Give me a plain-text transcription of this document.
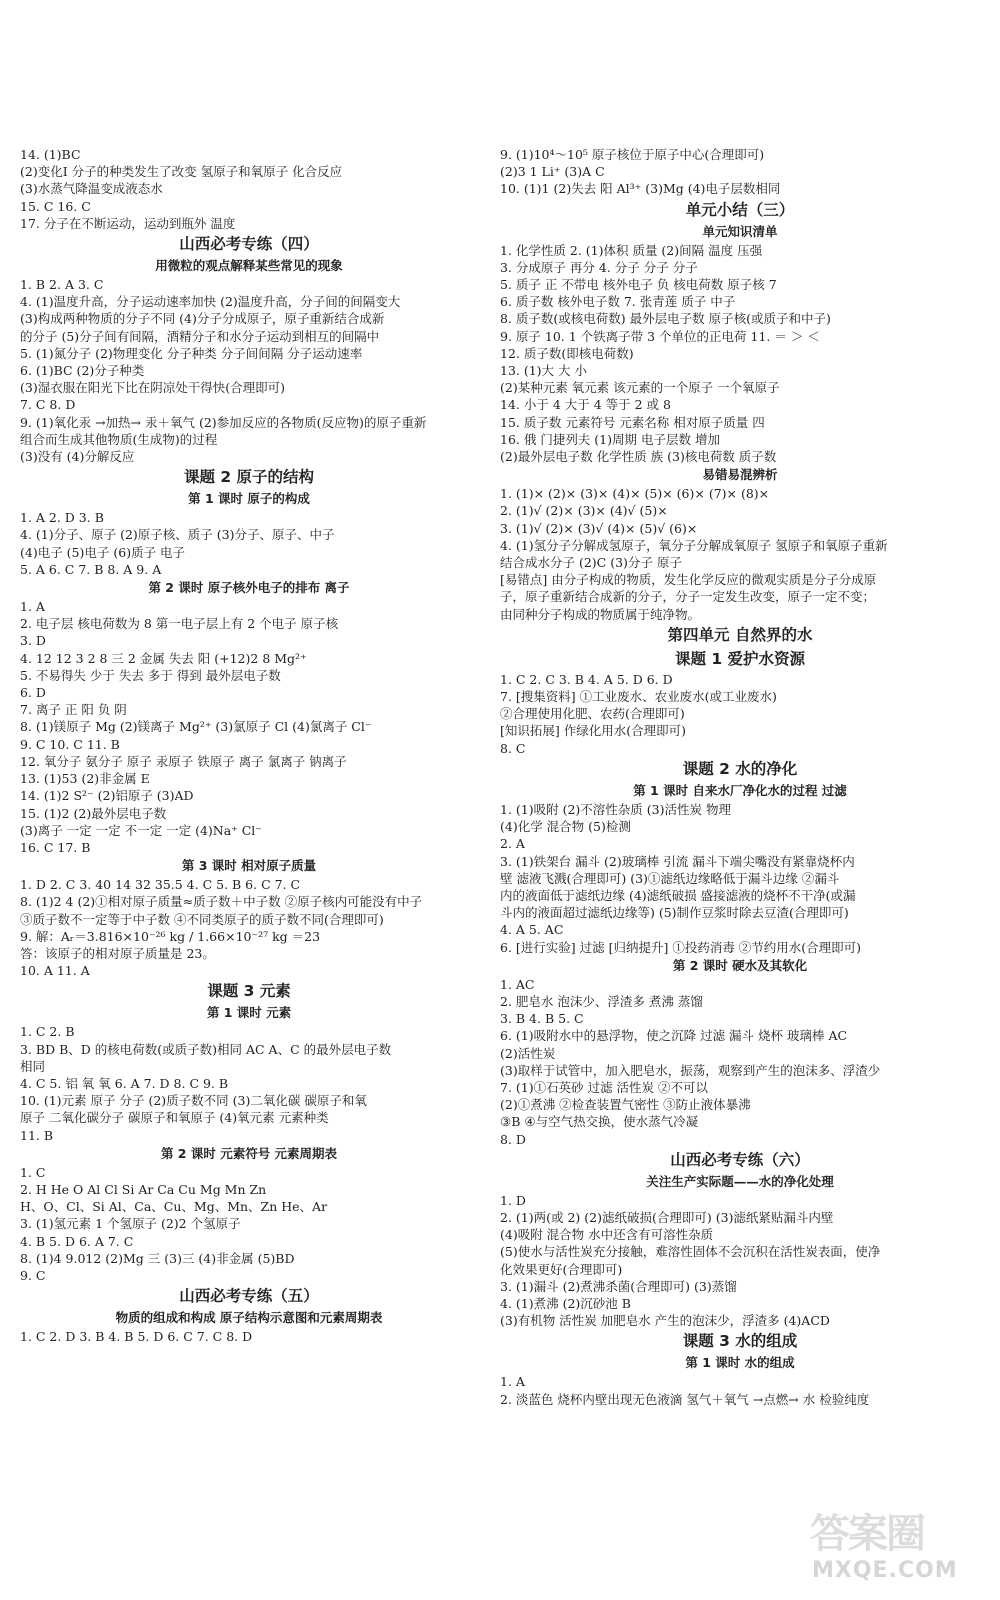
14. (1)BC
(2)变化Ⅰ 分子的种类发生了改变 氢原子和氧原子 化合反应
(3)水蒸气降温变成液态水
15. C 16. C
17. 分子在不断运动，运动到瓶外 温度
山西必考专练（四）
用微粒的观点解释某些常见的现象
1. B 2. A 3. C
4. (1)温度升高，分子运动速率加快 (2)温度升高，分子间的间隔变大
(3)构成两种物质的分子不同 (4)分子分成原子，原子重新结合成新
的分子 (5)分子间有间隔，酒精分子和水分子运动到相互的间隔中
5. (1)氮分子 (2)物理变化 分子种类 分子间间隔 分子运动速率
6. (1)BC (2)分子种类
(3)湿衣服在阳光下比在阴凉处干得快(合理即可)
7. C 8. D
9. (1)氧化汞 →加热→ 汞＋氧气 (2)参加反应的各物质(反应物)的原子重新
组合而生成其他物质(生成物)的过程
(3)没有 (4)分解反应
课题 2 原子的结构
第 1 课时 原子的构成
1. A 2. D 3. B
4. (1)分子、原子 (2)原子核、质子 (3)分子、原子、中子
(4)电子 (5)电子 (6)质子 电子
5. A 6. C 7. B 8. A 9. A
第 2 课时 原子核外电子的排布 离子
1. A
2. 电子层 核电荷数为 8 第一电子层上有 2 个电子 原子核
3. D
4. 12 12 3 2 8 三 2 金属 失去 阳 (+12)2 8 Mg²⁺
5. 不易得失 少于 失去 多于 得到 最外层电子数
6. D
7. 离子 正 阳 负 阴
8. (1)镁原子 Mg (2)镁离子 Mg²⁺ (3)氯原子 Cl (4)氯离子 Cl⁻
9. C 10. C 11. B
12. 氧分子 氨分子 原子 汞原子 铁原子 离子 氯离子 钠离子
13. (1)53 (2)非金属 E
14. (1)2 S²⁻ (2)铝原子 (3)AD
15. (1)2 (2)最外层电子数
(3)离子 一定 一定 不一定 一定 (4)Na⁺ Cl⁻
16. C 17. B
第 3 课时 相对原子质量
1. D 2. C 3. 40 14 32 35.5 4. C 5. B 6. C 7. C
8. (1)2 4 (2)①相对原子质量≈质子数＋中子数 ②原子核内可能没有中子
③质子数不一定等于中子数 ④不同类原子的质子数不同(合理即可)
9. 解：Aᵣ＝3.816×10⁻²⁶ kg / 1.66×10⁻²⁷ kg ＝23
答：该原子的相对原子质量是 23。
10. A 11. A
课题 3 元素
第 1 课时 元素
1. C 2. B
3. BD B、D 的核电荷数(或质子数)相同 AC A、C 的最外层电子数
相同
4. C 5. 铝 氧 氧 6. A 7. D 8. C 9. B
10. (1)元素 原子 分子 (2)质子数不同 (3)二氧化碳 碳原子和氧
原子 二氧化碳分子 碳原子和氧原子 (4)氧元素 元素种类
11. B
第 2 课时 元素符号 元素周期表
1. C
2. H He O Al Cl Si Ar Ca Cu Mg Mn Zn
H、O、Cl、Si Al、Ca、Cu、Mg、Mn、Zn He、Ar
3. (1)氢元素 1 个氢原子 (2)2 个氢原子
4. B 5. D 6. A 7. C
8. (1)4 9.012 (2)Mg 三 (3)三 (4)非金属 (5)BD
9. C
山西必考专练（五）
物质的组成和构成 原子结构示意图和元素周期表
1. C 2. D 3. B 4. B 5. D 6. C 7. C 8. D
9. (1)10⁴～10⁵ 原子核位于原子中心(合理即可)
(2)3 1 Li⁺ (3)A C
10. (1)1 (2)失去 阳 Al³⁺ (3)Mg (4)电子层数相同
单元小结（三）
单元知识清单
1. 化学性质 2. (1)体积 质量 (2)间隔 温度 压强
3. 分成原子 再分 4. 分子 分子 分子
5. 质子 正 不带电 核外电子 负 核电荷数 原子核 7
6. 质子数 核外电子数 7. 张青莲 质子 中子
8. 质子数(或核电荷数) 最外层电子数 原子核(或质子和中子)
9. 原子 10. 1 个铁离子带 3 个单位的正电荷 11. ＝ ＞ ＜
12. 质子数(即核电荷数)
13. (1)大 大 小
(2)某种元素 氧元素 该元素的一个原子 一个氧原子
14. 小于 4 大于 4 等于 2 或 8
15. 质子数 元素符号 元素名称 相对原子质量 四
16. 俄 门捷列夫 (1)周期 电子层数 增加
(2)最外层电子数 化学性质 族 (3)核电荷数 质子数
易错易混辨析
1. (1)× (2)× (3)× (4)× (5)× (6)× (7)× (8)×
2. (1)√ (2)× (3)× (4)√ (5)×
3. (1)√ (2)× (3)√ (4)× (5)√ (6)×
4. (1)氢分子分解成氢原子，氧分子分解成氧原子 氢原子和氧原子重新
结合成水分子 (2)C (3)分子 原子
[易错点] 由分子构成的物质，发生化学反应的微观实质是分子分成原
子，原子重新结合成新的分子，分子一定发生改变，原子一定不变；
由同种分子构成的物质属于纯净物。
第四单元 自然界的水
课题 1 爱护水资源
1. C 2. C 3. B 4. A 5. D 6. D
7. [搜集资料] ①工业废水、农业废水(或工业废水)
②合理使用化肥、农药(合理即可)
[知识拓展] 作绿化用水(合理即可)
8. C
课题 2 水的净化
第 1 课时 自来水厂净化水的过程 过滤
1. (1)吸附 (2)不溶性杂质 (3)活性炭 物理
(4)化学 混合物 (5)检测
2. A
3. (1)铁架台 漏斗 (2)玻璃棒 引流 漏斗下端尖嘴没有紧靠烧杯内
壁 滤液飞溅(合理即可) (3)①滤纸边缘略低于漏斗边缘 ②漏斗
内的液面低于滤纸边缘 (4)滤纸破损 盛接滤液的烧杯不干净(或漏
斗内的液面超过滤纸边缘等) (5)制作豆浆时除去豆渣(合理即可)
4. A 5. AC
6. [进行实验] 过滤 [归纳提升] ①投药消毒 ②节约用水(合理即可)
第 2 课时 硬水及其软化
1. AC
2. 肥皂水 泡沫少、浮渣多 煮沸 蒸馏
3. B 4. B 5. C
6. (1)吸附水中的悬浮物，使之沉降 过滤 漏斗 烧杯 玻璃棒 AC
(2)活性炭
(3)取样于试管中，加入肥皂水，振荡，观察到产生的泡沫多、浮渣少
7. (1)①石英砂 过滤 活性炭 ②不可以
(2)①煮沸 ②检查装置气密性 ③防止液体暴沸
③B ④与空气热交换，使水蒸气冷凝
8. D
山西必考专练（六）
关注生产实际题——水的净化处理
1. D
2. (1)两(或 2) (2)滤纸破损(合理即可) (3)滤纸紧贴漏斗内壁
(4)吸附 混合物 水中还含有可溶性杂质
(5)使水与活性炭充分接触，难溶性固体不会沉积在活性炭表面，使净
化效果更好(合理即可)
3. (1)漏斗 (2)煮沸杀菌(合理即可) (3)蒸馏
4. (1)煮沸 (2)沉砂池 B
(3)有机物 活性炭 加肥皂水 产生的泡沫少，浮渣多 (4)ACD
课题 3 水的组成
第 1 课时 水的组成
1. A
2. 淡蓝色 烧杯内壁出现无色液滴 氢气＋氧气 →点燃→ 水 检验纯度
答案圈
MXQE.COM
